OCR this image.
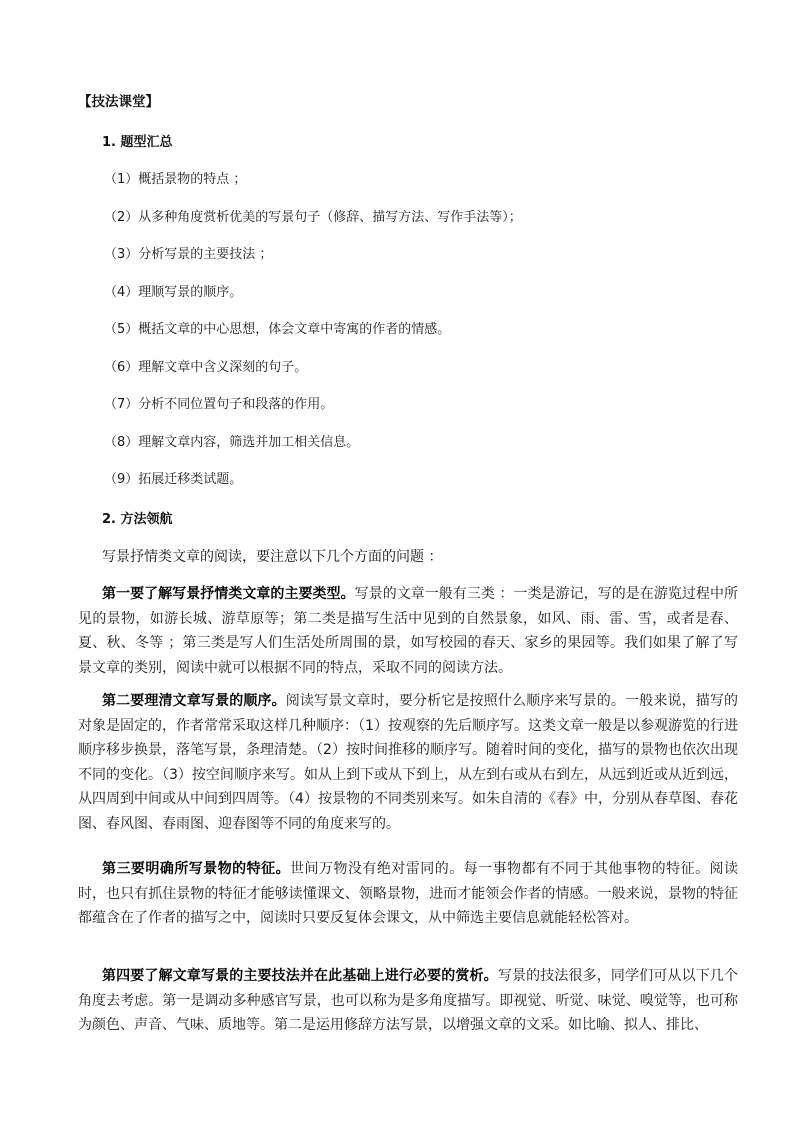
【技法课堂】
1. 题型汇总
（1）概括景物的特点 ；
（2）从多种角度赏析优美的写景句子（修辞、描写方法、写作手法等）；
（3）分析写景的主要技法 ；
（4）理顺写景的顺序。
（5）概括文章的中心思想，体会文章中寄寓的作者的情感。
（6）理解文章中含义深刻的句子。
（7）分析不同位置句子和段落的作用。
（8）理解文章内容，筛选并加工相关信息。
（9）拓展迁移类试题。
2. 方法领航
写景抒情类文章的阅读，要注意以下几个方面的问题 ：

第一要了解写景抒情类文章的主要类型。写景的文章一般有三类 ：一类是游记，写的是在游览过程中所见的景物，如游长城、游草原等；第二类是描写生活中见到的自然景象，如风、雨、雷、雪，或者是春、夏、秋、冬等 ；第三类是写人们生活处所周围的景，如写校园的春天、家乡的果园等。我们如果了解了写景文章的类别，阅读中就可以根据不同的特点，采取不同的阅读方法。

第二要理清文章写景的顺序。阅读写景文章时，要分析它是按照什么顺序来写景的。一般来说，描写的对象是固定的，作者常常采取这样几种顺序：（1）按观察的先后顺序写。这类文章一般是以参观游览的行进顺序移步换景，落笔写景，条理清楚。（2）按时间推移的顺序写。随着时间的变化，描写的景物也依次出现不同的变化。（3）按空间顺序来写。如从上到下或从下到上，从左到右或从右到左，从远到近或从近到远，从四周到中间或从中间到四周等。（4）按景物的不同类别来写。如朱自清的《春》中，分别从春草图、春花图、春风图、春雨图、迎春图等不同的角度来写的。

第三要明确所写景物的特征。世间万物没有绝对雷同的。每一事物都有不同于其他事物的特征。阅读时，也只有抓住景物的特征才能够读懂课文、领略景物，进而才能领会作者的情感。一般来说，景物的特征都蕴含在了作者的描写之中，阅读时只要反复体会课文，从中筛选主要信息就能轻松答对。

第四要了解文章写景的主要技法并在此基础上进行必要的赏析。写景的技法很多，同学们可从以下几个角度去考虑。第一是调动多种感官写景，也可以称为是多角度描写。即视觉、听觉、味觉、嗅觉等，也可称为颜色、声音、气味、质地等。第二是运用修辞方法写景，以增强文章的文采。如比喻、拟人、排比、
